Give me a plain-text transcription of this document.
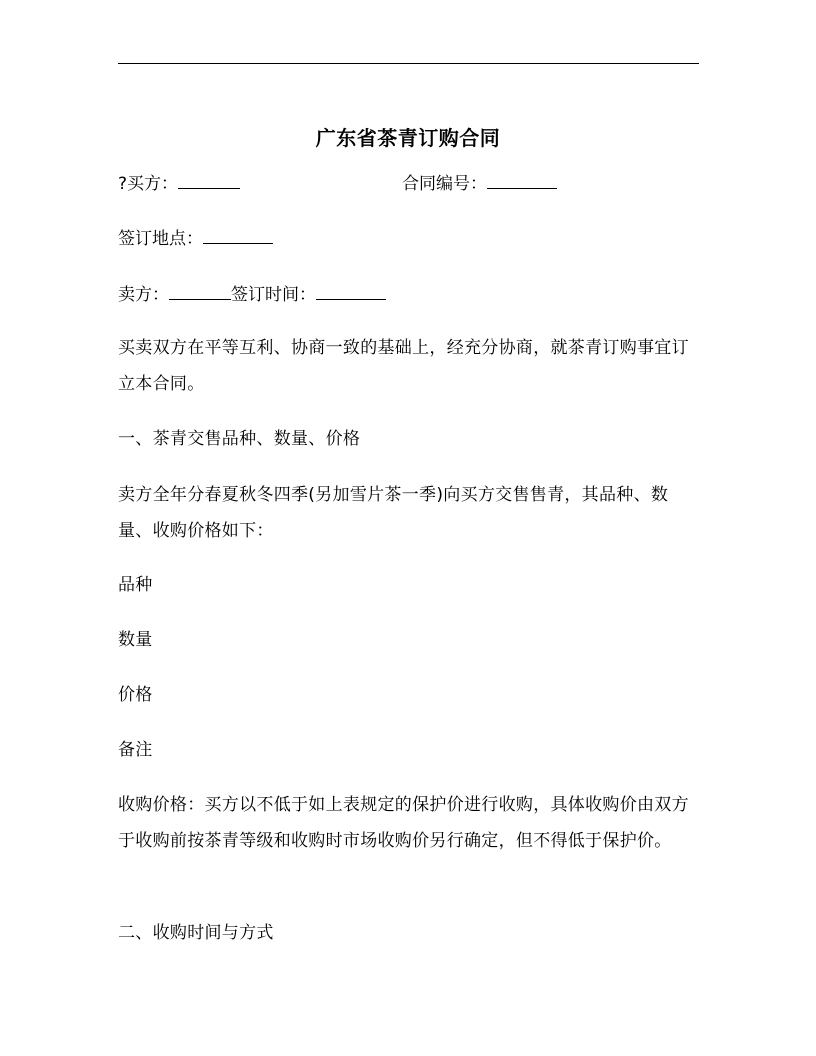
广东省茶青订购合同
?买方：	合同编号：
签订地点：
卖方：	签订时间：
买卖双方在平等互利、协商一致的基础上，经充分协商，就茶青订购事宜订立本合同。
一、茶青交售品种、数量、价格
卖方全年分春夏秋冬四季(另加雪片茶一季)向买方交售售青，其品种、数量、收购价格如下：
品种
数量
价格
备注
收购价格：买方以不低于如上表规定的保护价进行收购，具体收购价由双方于收购前按茶青等级和收购时市场收购价另行确定，但不得低于保护价。
二、收购时间与方式
